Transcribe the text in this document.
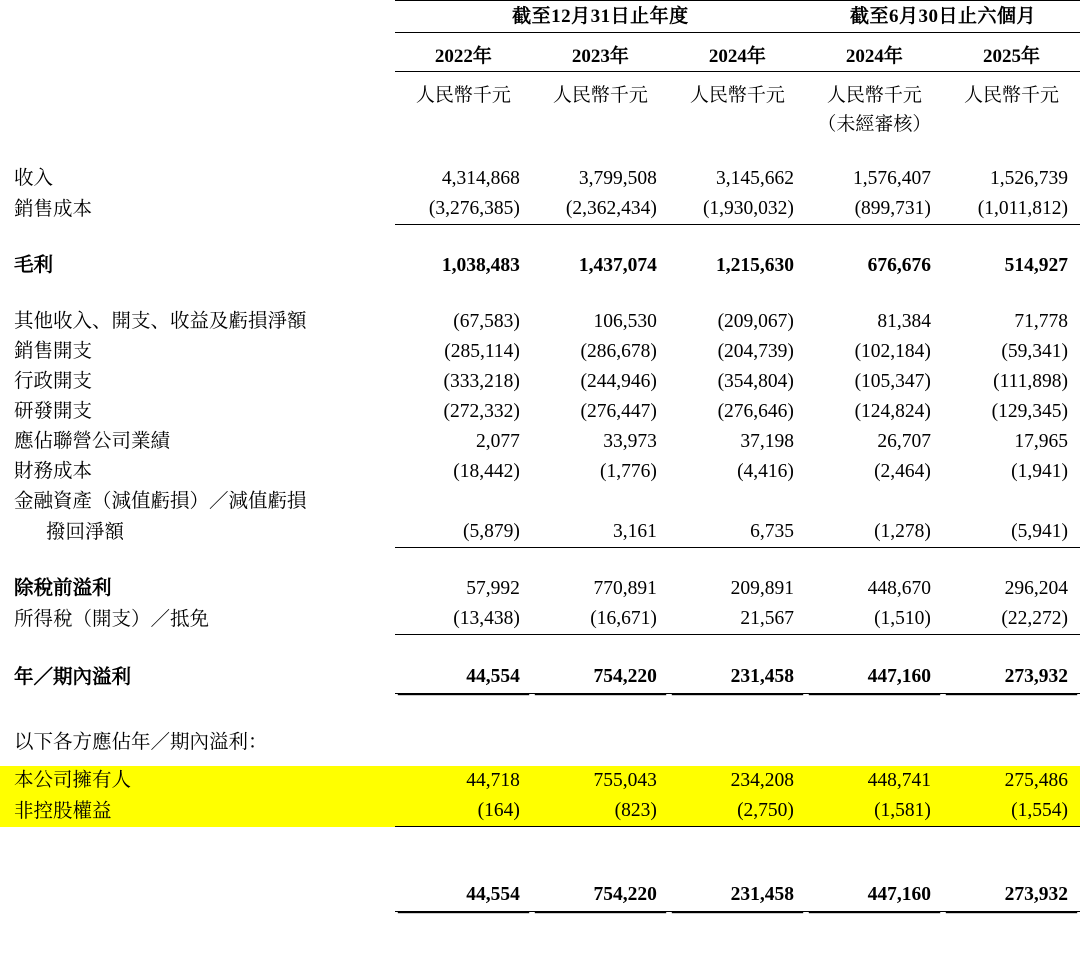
	截至12月31日止年度			截至6月30日止六個月	

	2022年	2023年	2024年	2024年	2025年

	人民幣千元	人民幣千元	人民幣千元	人民幣千元	人民幣千元
				（未經審核）	

收入	4,314,868	3,799,508	3,145,662	1,576,407	1,526,739
銷售成本	(3,276,385)	(2,362,434)	(1,930,032)	(899,731)	(1,011,812)

毛利	1,038,483	1,437,074	1,215,630	676,676	514,927

其他收入、開支、收益及虧損淨額	(67,583)	106,530	(209,067)	81,384	71,778
銷售開支	(285,114)	(286,678)	(204,739)	(102,184)	(59,341)
行政開支	(333,218)	(244,946)	(354,804)	(105,347)	(111,898)
研發開支	(272,332)	(276,447)	(276,646)	(124,824)	(129,345)
應佔聯營公司業績	2,077	33,973	37,198	26,707	17,965
財務成本	(18,442)	(1,776)	(4,416)	(2,464)	(1,941)
金融資產（減值虧損）／減值虧損					
撥回淨額	(5,879)	3,161	6,735	(1,278)	(5,941)

除稅前溢利	57,992	770,891	209,891	448,670	296,204
所得稅（開支）／抵免	(13,438)	(16,671)	21,567	(1,510)	(22,272)

年／期內溢利	44,554	754,220	231,458	447,160	273,932

以下各方應佔年／期內溢利：					

本公司擁有人	44,718	755,043	234,208	448,741	275,486
非控股權益	(164)	(823)	(2,750)	(1,581)	(1,554)

	44,554	754,220	231,458	447,160	273,932
